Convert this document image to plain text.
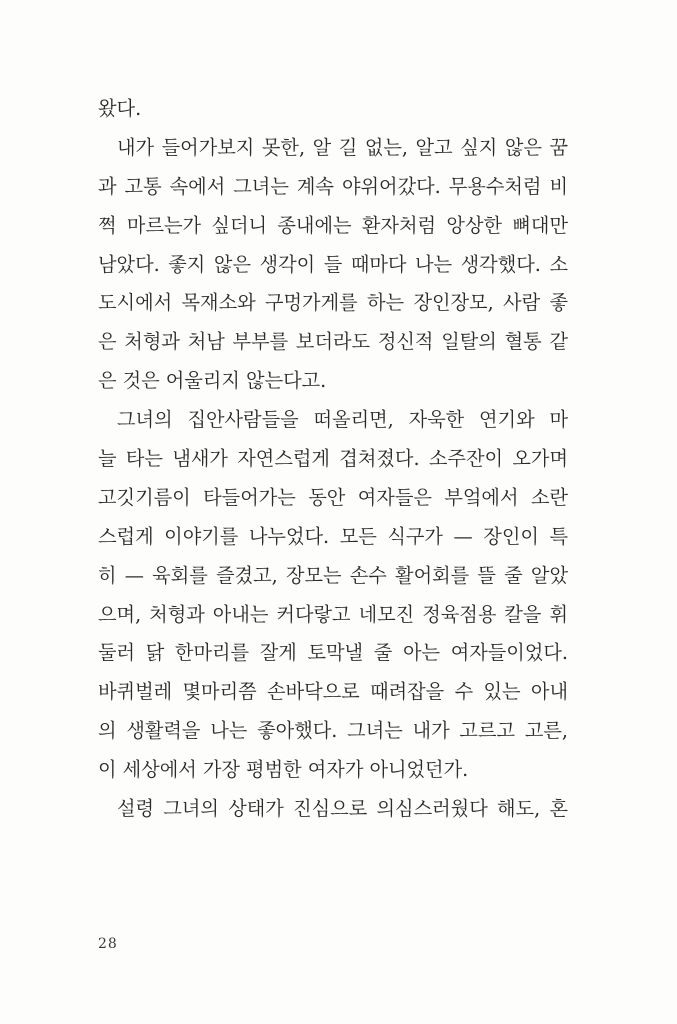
왔다.
내가 들어가보지 못한, 알 길 없는, 알고 싶지 않은 꿈
과 고통 속에서 그녀는 계속 야위어갔다. 무용수처럼 비
쩍 마르는가 싶더니 종내에는 환자처럼 앙상한 뼈대만
남았다. 좋지 않은 생각이 들 때마다 나는 생각했다. 소
도시에서 목재소와 구멍가게를 하는 장인장모, 사람 좋
은 처형과 처남 부부를 보더라도 정신적 일탈의 혈통 같
은 것은 어울리지 않는다고.
그녀의 집안사람들을 떠올리면, 자욱한 연기와 마
늘 타는 냄새가 자연스럽게 겹쳐졌다. 소주잔이 오가며
고깃기름이 타들어가는 동안 여자들은 부엌에서 소란
스럽게 이야기를 나누었다. 모든 식구가 — 장인이 특
히 — 육회를 즐겼고, 장모는 손수 활어회를 뜰 줄 알았
으며, 처형과 아내는 커다랗고 네모진 정육점용 칼을 휘
둘러 닭 한마리를 잘게 토막낼 줄 아는 여자들이었다.
바퀴벌레 몇마리쯤 손바닥으로 때려잡을 수 있는 아내
의 생활력을 나는 좋아했다. 그녀는 내가 고르고 고른,
이 세상에서 가장 평범한 여자가 아니었던가.
설령 그녀의 상태가 진심으로 의심스러웠다 해도, 혼
28
